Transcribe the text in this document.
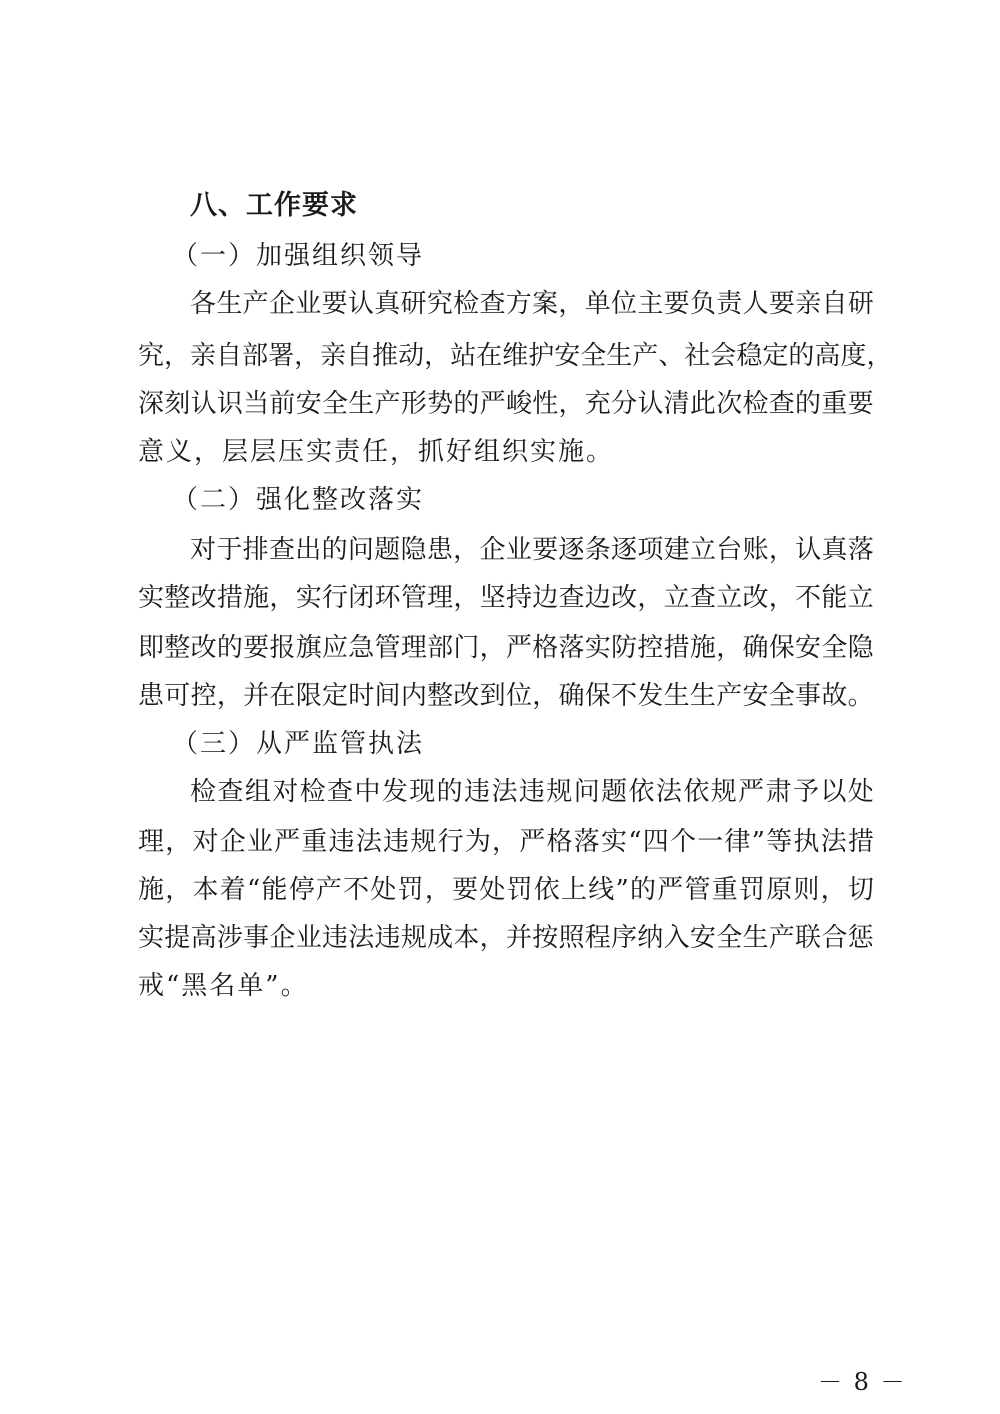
八、工作要求
（一）加强组织领导
各 生 产 企 业 要 认 真 研 究 检 查 方 案 ， 单 位 主 要 负 责 人 要 亲 自 研
究 ， 亲 自 部 署 ， 亲 自 推 动 ， 站 在 维 护 安 全 生 产 、 社 会 稳 定 的 高 度 ，
深 刻 认 识 当 前 安 全 生 产 形 势 的 严 峻 性 ， 充 分 认 清 此 次 检 查 的 重 要
意义，层层压实责任，抓好组织实施。
（二）强化整改落实
对 于 排 查 出 的 问 题 隐 患 ， 企 业 要 逐 条 逐 项 建 立 台 账 ， 认 真 落
实 整 改 措 施 ， 实 行 闭 环 管 理 ， 坚 持 边 查 边 改 ， 立 查 立 改 ， 不 能 立
即 整 改 的 要 报 旗 应 急 管 理 部 门 ， 严 格 落 实 防 控 措 施 ， 确 保 安 全 隐
患 可 控 ， 并 在 限 定 时 间 内 整 改 到 位 ， 确 保 不 发 生 生 产 安 全 事 故 。
（三）从严监管执法
检 查 组 对 检 查 中 发 现 的 违 法 违 规 问 题 依 法 依 规 严 肃 予 以 处
理 ， 对 企 业 严 重 违 法 违 规 行 为 ， 严 格 落 实 “ 四 个 一 律 ” 等 执 法 措
施 ， 本 着 “ 能 停 产 不 处 罚 ， 要 处 罚 依 上 线 ” 的 严 管 重 罚 原 则 ， 切
实 提 高 涉 事 企 业 违 法 违 规 成 本 ， 并 按 照 程 序 纳 入 安 全 生 产 联 合 惩
戒“黑名单”。
－ 8 －
